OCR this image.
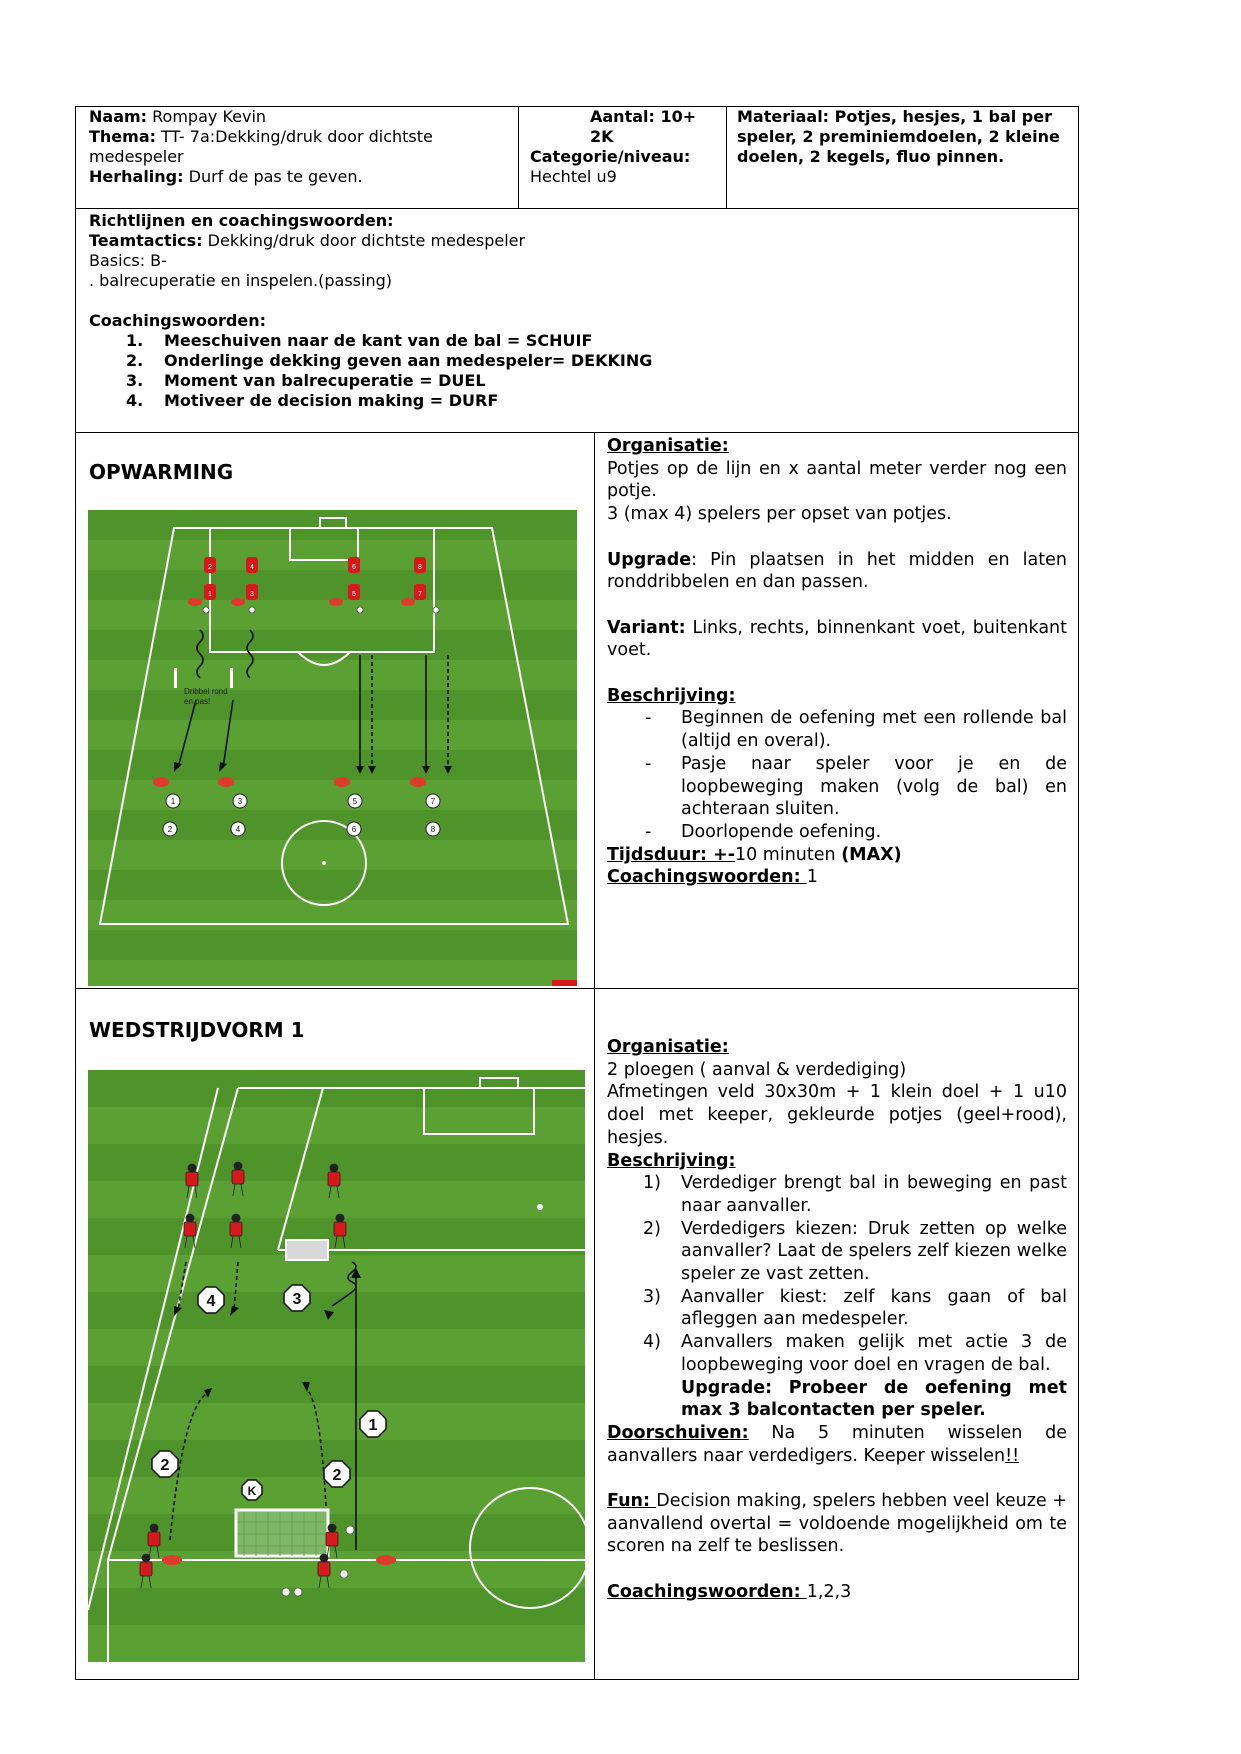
Naam: Rompay Kevin
Thema: TT- 7a:Dekking/druk door dichtste medespeler
Herhaling: Durf de pas te geven.
Aantal: 10+
2K
Categorie/niveau:
Hechtel u9
Materiaal: Potjes, hesjes, 1 bal per speler, 2 preminiemdoelen, 2 kleine doelen, 2 kegels, fluo pinnen.
Richtlijnen en coachingswoorden:
Teamtactics: Dekking/druk door dichtste medespeler
Basics: B-
. balrecuperatie en inspelen.(passing)
Coachingswoorden:
1. Meeschuiven naar de kant van de bal = SCHUIF
2. Onderlinge dekking geven aan medespeler= DEKKING
3. Moment van balrecuperatie = DUEL
4. Motiveer de decision making = DURF
OPWARMING
2	4	6	8
1	3	5	7
Dribbel rond
en pas!
1	3	5	7
2	4	6	8
Organisatie:

Potjes op de lijn en x aantal meter verder nog een potje.

3 (max 4) spelers per opset van potjes.

Upgrade: Pin plaatsen in het midden en laten ronddribbelen en dan passen.

Variant: Links, rechts, binnenkant voet, buitenkant voet.

Beschrijving:
- Beginnen de oefening met een rollende bal (altijd en overal).
- Pasje naar speler voor je en de loopbeweging maken (volg de bal) en achteraan sluiten.
- Doorlopende oefening.

Tijdsduur: +-10 minuten (MAX)

Coachingswoorden: 1

WEDSTRIJDVORM 1
4	3
1
2
2
K
Organisatie:

2 ploegen ( aanval & verdediging)

Afmetingen veld 30x30m + 1 klein doel + 1 u10 doel met keeper, gekleurde potjes (geel+rood), hesjes.

Beschrijving:
1) Verdediger brengt bal in beweging en past naar aanvaller.
2) Verdedigers kiezen: Druk zetten op welke aanvaller? Laat de spelers zelf kiezen welke speler ze vast zetten.
3) Aanvaller kiest: zelf kans gaan of bal afleggen aan medespeler.
4) Aanvallers maken gelijk met actie 3 de loopbeweging voor doel en vragen de bal.
Upgrade: Probeer de oefening met max 3 balcontacten per speler.

Doorschuiven: Na 5 minuten wisselen de aanvallers naar verdedigers. Keeper wisselen!!

Fun: Decision making, spelers hebben veel keuze + aanvallend overtal = voldoende mogelijkheid om te scoren na zelf te beslissen.

Coachingswoorden: 1,2,3
